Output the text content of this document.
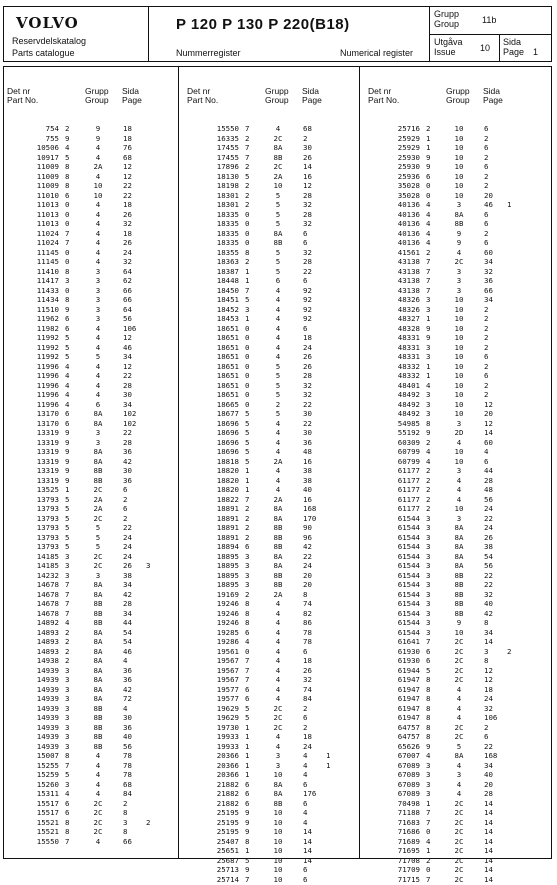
VOLVO
Reservdelskatalog
Parts catalogue
P 120 P 130 P 220(B18)
Nummerregister	Numerical register
Grupp
Group	11b
Utgåva
Issue	10
Sida
Page 1
Det nr
Part No.
Grupp
Group
Sida
Page
754 2	9	18
755 9	9	18
10506 4	4	76
10917 5	4	68
11009 8	2A	12
11009 8	4	12
11009 8	10	22
11010 6	10	22
11013 0	4	18
11013 0	4	26
11013 0	4	32
11024 7	4	18
11024 7	4	26
11145 0	4	24
11145 0	4	32
11410 8	3	64
11417 3	3	62
11433 0	3	66
11434 8	3	66
11510 9	3	64
11962 6	3	56
11982 6	4	106
11992 5	4	12
11992 5	4	46
11992 5	5	34
11996 4	4	12
11996 4	4	22
11996 4	4	28
11996 4	4	30
11996 4	6	34
13170 6	8A	102
13170 6	8A	102
13319 9	3	22
13319 9	3	28
13319 9	8A	36
13319 9	8A	42
13319 9	8B	30
13319 9	8B	36
13525 1	2C	6
13793 5	2A	2
13793 5	2A	6
13793 5	2C	2
13793 5	5	22
13793 5	5	24
13793 5	5	24
14185 3	2C	24
14185 3	2C	26	3
14232 3	3	38
14678 7	8A	34
14678 7	8A	42
14678 7	8B	28
14678 7	8B	34
14892 4	8B	44
14893 2	8A	54
14893 2	8A	54
14893 2	8A	46
14938 2	8A	4
14939 3	8A	36
14939 3	8A	36
14939 3	8A	42
14939 3	8A	72
14939 3	8B	4
14939 3	8B	30
14939 3	8B	36
14939 3	8B	40
14939 3	8B	56
15007 8	4	78
15255 7	4	78
15259 5	4	78
15260 3	4	68
15311 4	4	84
15517 6	2C	2
15517 6	2C	8
15521 8	2C	3	2
15521 8	2C	8
15550 7	4	66
Det nr
Part No.
Grupp
Group
Sida
Page
15550 7	4	68
16335 2	2C	2
17455 7	8A	30
17455 7	8B	26
17896 2	2C	14
18130 5	2A	16
18198 2	10	12
18301 2	5	28
18301 2	5	32
18335 0	5	28
18335 0	5	32
18335 0	8A	6
18335 0	8B	6
18355 8	5	32
18363 2	5	28
18387 1	5	22
18448 1	6	6
18450 7	4	92
18451 5	4	92
18452 3	4	92
18453 1	4	92
18651 0	4	6
18651 0	4	18
18651 0	4	24
18651 0	4	26
18651 0	5	26
18651 0	5	28
18651 0	5	32
18651 0	5	32
18665 0	2	22
18677 5	5	30
18696 5	4	22
18696 5	4	30
18696 5	4	36
18696 5	4	48
18818 5	2A	16
18820 1	4	38
18820 1	4	38
18820 1	4	40
18822 7	2A	16
18891 2	8A	168
18891 2	8A	170
18891 2	8B	90
18891 2	8B	96
18894 6	8B	42
18895 3	8A	22
18895 3	8A	24
18895 3	8B	20
18895 3	8B	20
19169 2	2A	8
19246 8	4	74
19246 8	4	82
19246 8	4	86
19285 6	4	78
19286 4	4	78
19561 0	4	6
19567 7	4	18
19567 7	4	26
19567 7	4	32
19577 6	4	74
19577 6	4	84
19629 5	2C	2
19629 5	2C	6
19730 1	2C	2
19933 1	4	18
19933 1	4	24
20366 1	3	4	1
20366 1	3	4	1
20366 1	10	4
21882 6	8A	6
21882 6	8A	176
21882 6	8B	6
25195 9	10	4
25195 9	10	4
25195 9	10	14
25407 8	10	14
25651 1	10	14
25687 5	10	14
25713 9	10	6
25714 7	10	6
Det nr
Part No.
Grupp
Group
Sida
Page
25716 2	10	6
25929 1	10	2
25929 1	10	6
25930 9	10	2
25930 9	10	6
25936 6	10	2
35028 0	10	2
35028 0	10	20
40136 4	3	46	1
40136 4	8A	6
40136 4	8B	6
40136 4	9	2
40136 4	9	6
41561 2	4	60
43138 7	2C	34
43138 7	3	32
43138 7	3	36
43138 7	3	66
48326 3	10	34
48326 3	10	2
48327 1	10	2
48328 9	10	2
48331 9	10	2
48331 3	10	2
48331 3	10	6
48332 1	10	2
48332 1	10	6
48401 4	10	2
48492 3	10	2
48492 3	10	12
48492 3	10	20
54985 8	3	12
55192 9	2D	14
60309 2	4	60
60799 4	10	4
60799 4	10	6
61177 2	3	44
61177 2	4	28
61177 2	4	48
61177 2	4	56
61177 2	10	24
61544 3	3	22
61544 3	8A	24
61544 3	8A	26
61544 3	8A	38
61544 3	8A	54
61544 3	8A	56
61544 3	8B	22
61544 3	8B	22
61544 3	8B	32
61544 3	8B	40
61544 3	8B	42
61544 3	9	8
61544 3	10	34
61641 7	2C	14
61930 6	2C	3	2
61930 6	2C	8
61944 5	2C	12
61947 8	2C	12
61947 8	4	18
61947 8	4	24
61947 8	4	32
61947 8	4	106
64757 8	2C	2
64757 8	2C	6
65626 9	5	22
67007 4	8A	168
67089 3	4	34
67089 3	3	40
67089 3	4	20
67089 3	4	28
70498 1	2C	14
71188 7	2C	14
71683 7	2C	14
71686 0	2C	14
71689 4	2C	14
71695 1	2C	14
71708 2	2C	14
71709 0	2C	14
71715 7	2C	14
